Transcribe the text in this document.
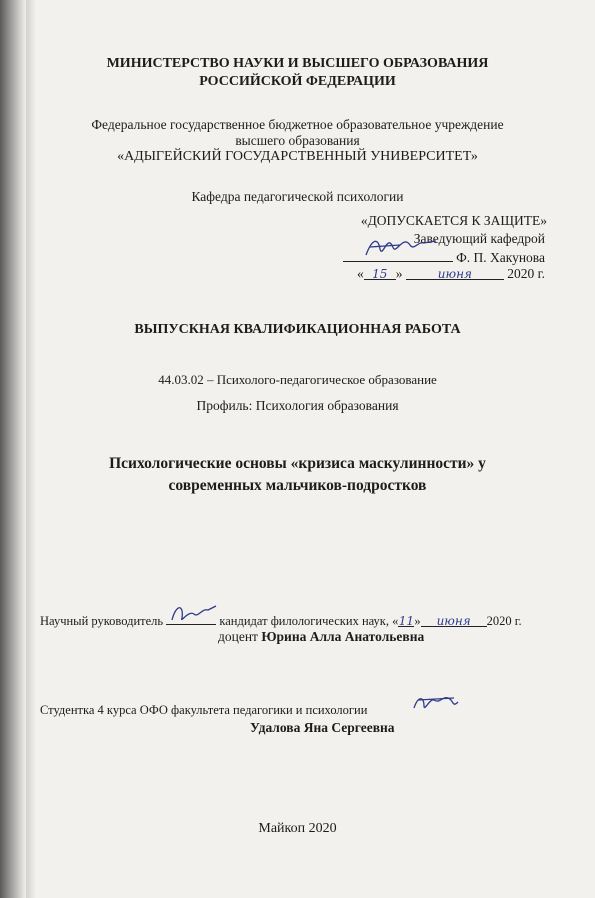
МИНИСТЕРСТВО НАУКИ И ВЫСШЕГО ОБРАЗОВАНИЯ
РОССИЙСКОЙ ФЕДЕРАЦИИ
Федеральное государственное бюджетное образовательное учреждение
высшего образования
«АДЫГЕЙСКИЙ ГОСУДАРСТВЕННЫЙ УНИВЕРСИТЕТ»
Кафедра педагогической психологии
«ДОПУСКАЕТСЯ К ЗАЩИТЕ»
Заведующий кафедрой
Ф. П. Хакунова
« 15 »	июня	2020 г.
ВЫПУСКНАЯ КВАЛИФИКАЦИОННАЯ РАБОТА
44.03.02 – Психолого-педагогическое образование
Профиль: Психология образования
Психологические основы «кризиса маскулинности» у
современных мальчиков-подростков
Научный руководитель	кандидат филологических наук, «11» июня 2020 г.
доцент Юрина Алла Анатольевна
Студентка 4 курса ОФО факультета педагогики и психологии
Удалова Яна Сергеевна
Майкоп 2020
